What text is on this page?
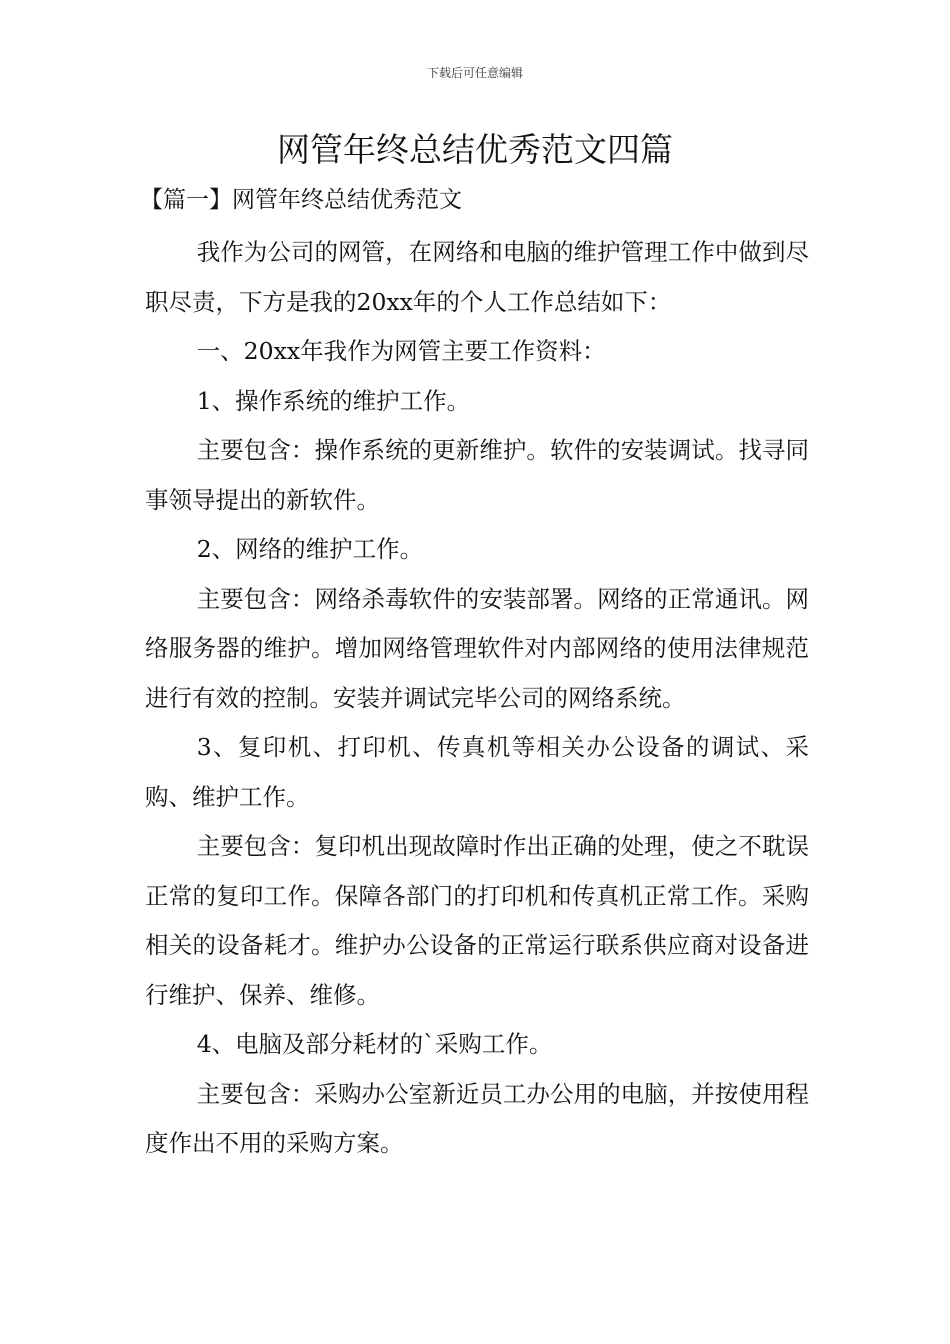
下载后可任意编辑
网管年终总结优秀范文四篇
【篇一】网管年终总结优秀范文

我作为公司的网管，在网络和电脑的维护管理工作中做到尽职尽责，下方是我的20xx年的个人工作总结如下：

一、20xx年我作为网管主要工作资料：

1、操作系统的维护工作。

主要包含：操作系统的更新维护。软件的安装调试。找寻同事领导提出的新软件。

2、网络的维护工作。

主要包含：网络杀毒软件的安装部署。网络的正常通讯。网络服务器的维护。增加网络管理软件对内部网络的使用法律规范进行有效的控制。安装并调试完毕公司的网络系统。

3、复印机、打印机、传真机等相关办公设备的调试、采购、维护工作。

主要包含：复印机出现故障时作出正确的处理，使之不耽误正常的复印工作。保障各部门的打印机和传真机正常工作。采购相关的设备耗才。维护办公设备的正常运行联系供应商对设备进行维护、保养、维修。

4、电脑及部分耗材的`采购工作。

主要包含：采购办公室新近员工办公用的电脑，并按使用程度作出不用的采购方案。
